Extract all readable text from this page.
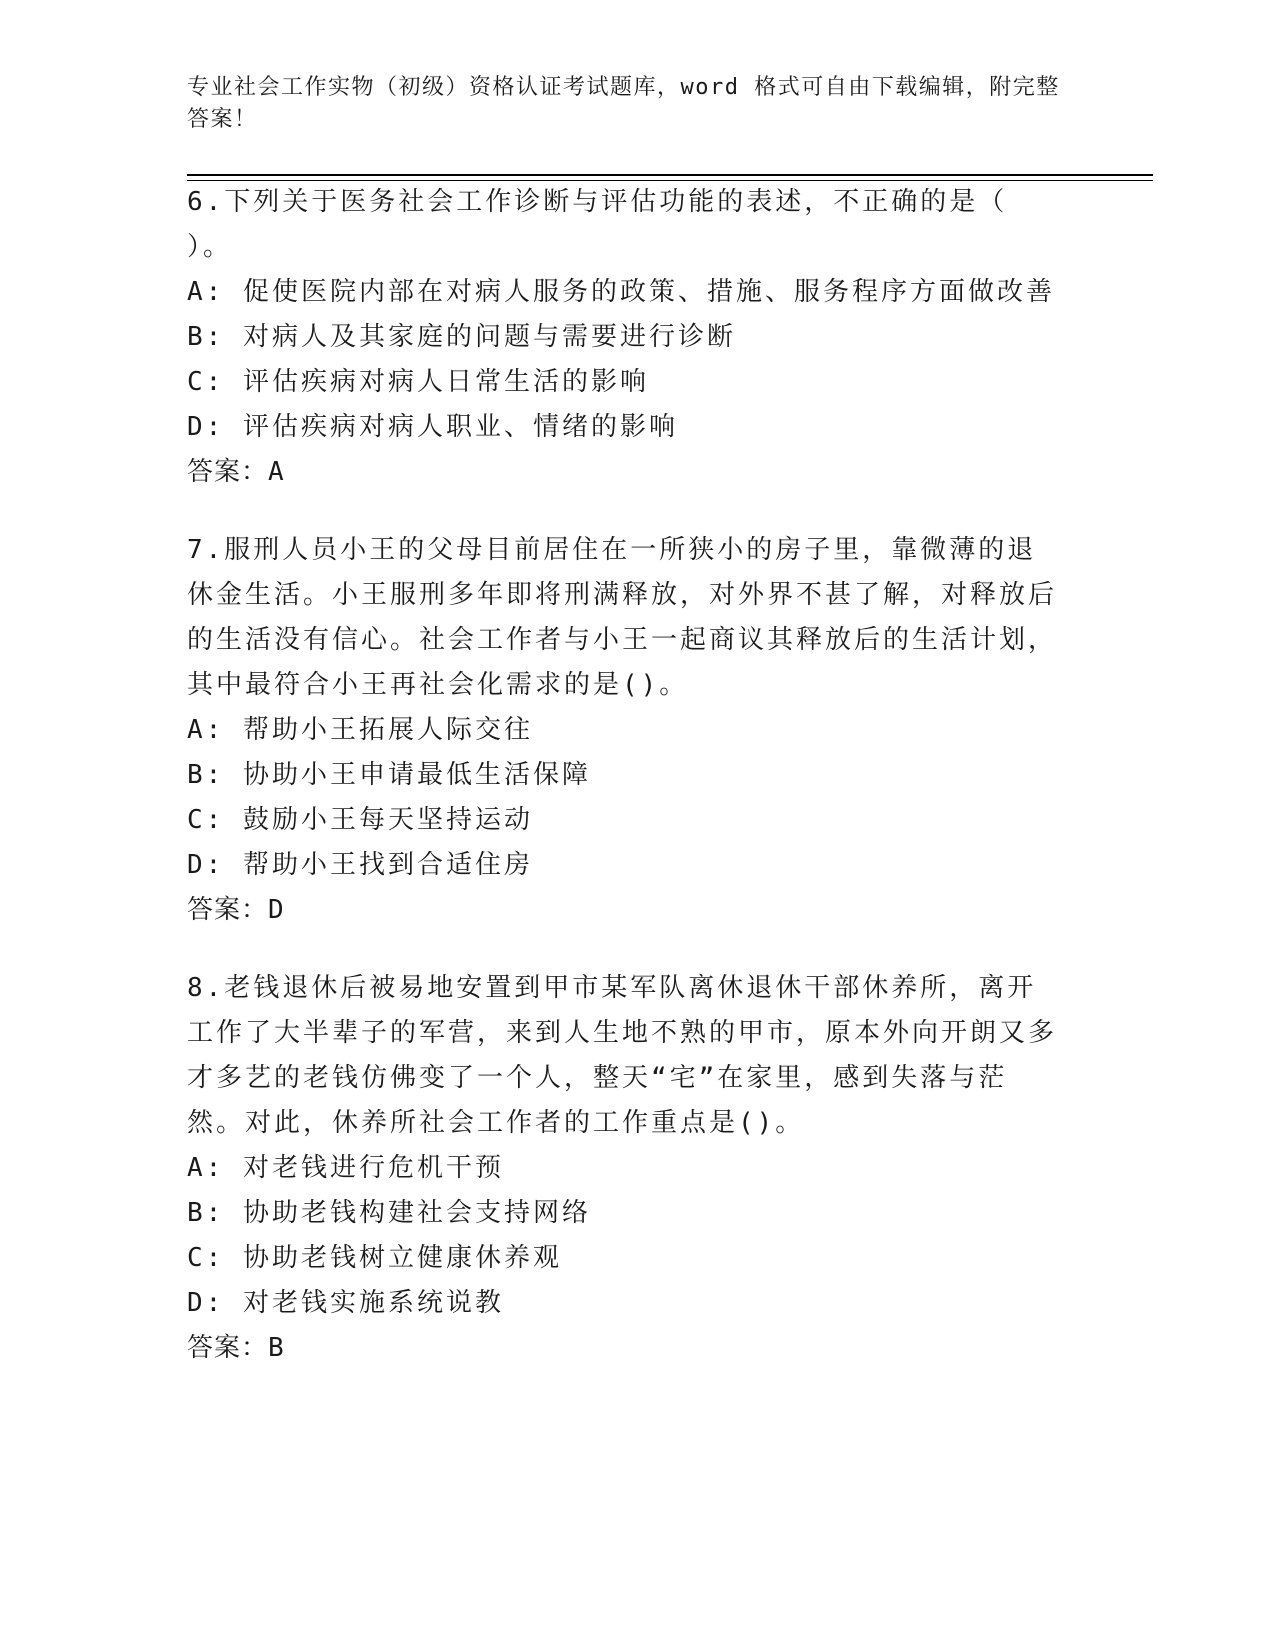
专业社会工作实物（初级）资格认证考试题库，word 格式可自由下载编辑，附完整答案！

6.下列关于医务社会工作诊断与评估功能的表述，不正确的是（ ）。

A: 促使医院内部在对病人服务的政策、措施、服务程序方面做改善

B: 对病人及其家庭的问题与需要进行诊断

C: 评估疾病对病人日常生活的影响

D: 评估疾病对病人职业、情绪的影响

答案：A

7.服刑人员小王的父母目前居住在一所狭小的房子里，靠微薄的退休金生活。小王服刑多年即将刑满释放，对外界不甚了解，对释放后的生活没有信心。社会工作者与小王一起商议其释放后的生活计划，其中最符合小王再社会化需求的是()。

A: 帮助小王拓展人际交往

B: 协助小王申请最低生活保障

C: 鼓励小王每天坚持运动

D: 帮助小王找到合适住房

答案：D

8.老钱退休后被易地安置到甲市某军队离休退休干部休养所，离开工作了大半辈子的军营，来到人生地不熟的甲市，原本外向开朗又多才多艺的老钱仿佛变了一个人，整天“宅”在家里，感到失落与茫然。对此，休养所社会工作者的工作重点是()。

A: 对老钱进行危机干预

B: 协助老钱构建社会支持网络

C: 协助老钱树立健康休养观

D: 对老钱实施系统说教

答案：B
